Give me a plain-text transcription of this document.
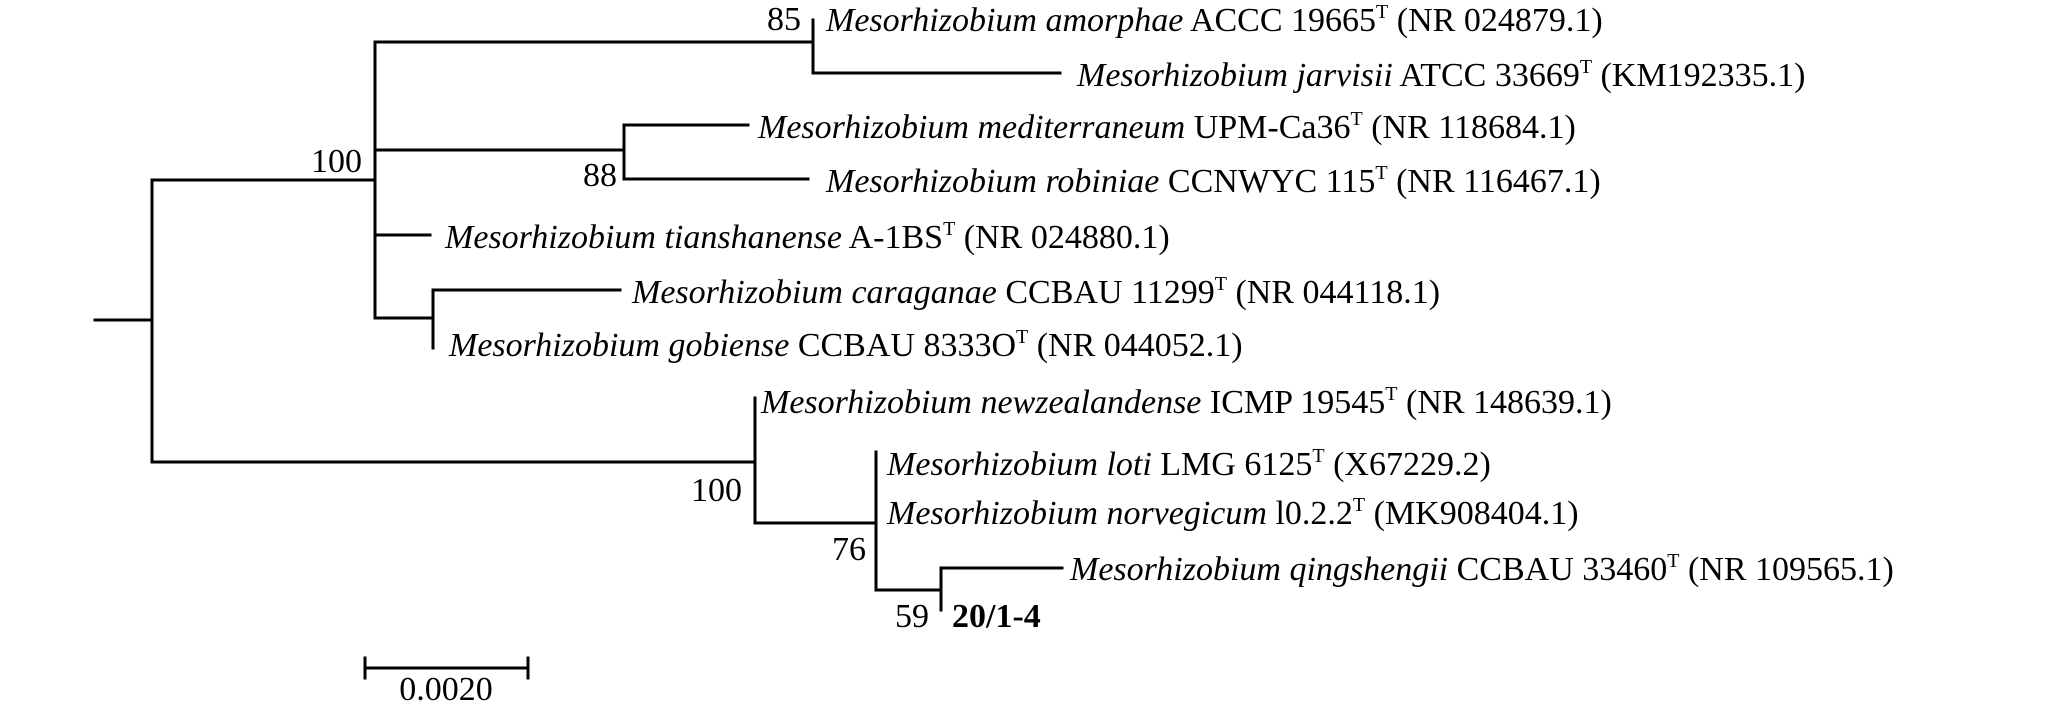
Mesorhizobium amorphae ACCC $19665^T$ (NR 024879.1)
Mesorhizobium jarvisii ATCC $33669^T$ (KM192335.1)
Mesorhizobium mediterraneum UPM-$Ca36^T$ (NR 118684.1)
Mesorhizobium robiniae CCNWYC $115^T$ (NR 116467.1)
Mesorhizobium tianshanense $A-1BS^T$ (NR 024880.1)
Mesorhizobium caraganae CCBAU $11299^T$ (NR 044118.1)
Mesorhizobium gobiense CCBAU $8333O^T$ (NR 044052.1)
Mesorhizobium newzealandense ICMP $19545^T$ (NR 148639.1)
Mesorhizobium loti LMG $6125^T$ (X67229.2)
Mesorhizobium norvegicum $l0.2.2^T$ (MK908404.1)
Mesorhizobium qingshengii CCBAU $33460^T$ (NR 109565.1)
20/1-4
85
100	88
100
76
59
0.0020
